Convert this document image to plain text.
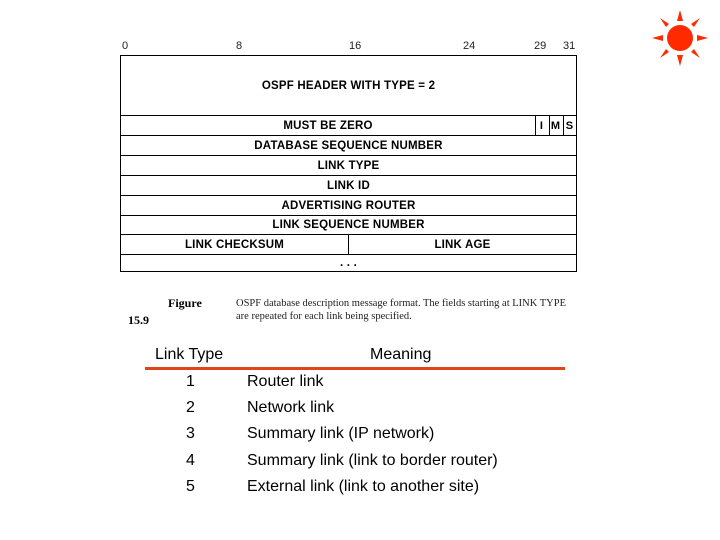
0	8	16	24	29 31
OSPF HEADER WITH TYPE = 2
MUST BE ZERO	I M S
DATABASE SEQUENCE NUMBER
LINK TYPE
LINK ID
ADVERTISING ROUTER
LINK SEQUENCE NUMBER
LINK CHECKSUM	LINK AGE
. . .
Figure
15.9
OSPF database description message format. The fields starting at LINK TYPE are repeated for each link being specified.
Link Type	Meaning
1	Router link
2	Network link
3	Summary link (IP network)
4	Summary link (link to border router)
5	External link (link to another site)
